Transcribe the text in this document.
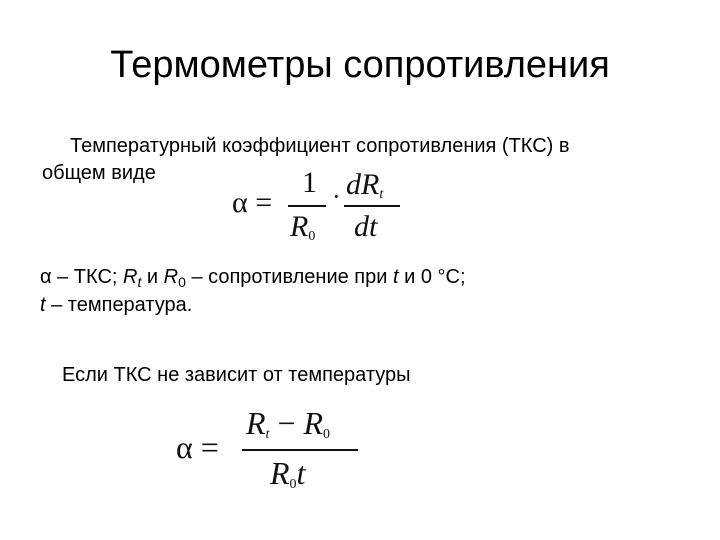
Термометры сопротивления
Температурный коэффициент сопротивления (ТКС) в
общем виде
α =
1
$R_0$
· $dR_t$
dt
α – ТКС; $R_t$ и $R_0$ – сопротивление при t и 0 °С;
t – температура.
Если ТКС не зависит от температуры
α =
$R_t - R_0$
$R_0t$
